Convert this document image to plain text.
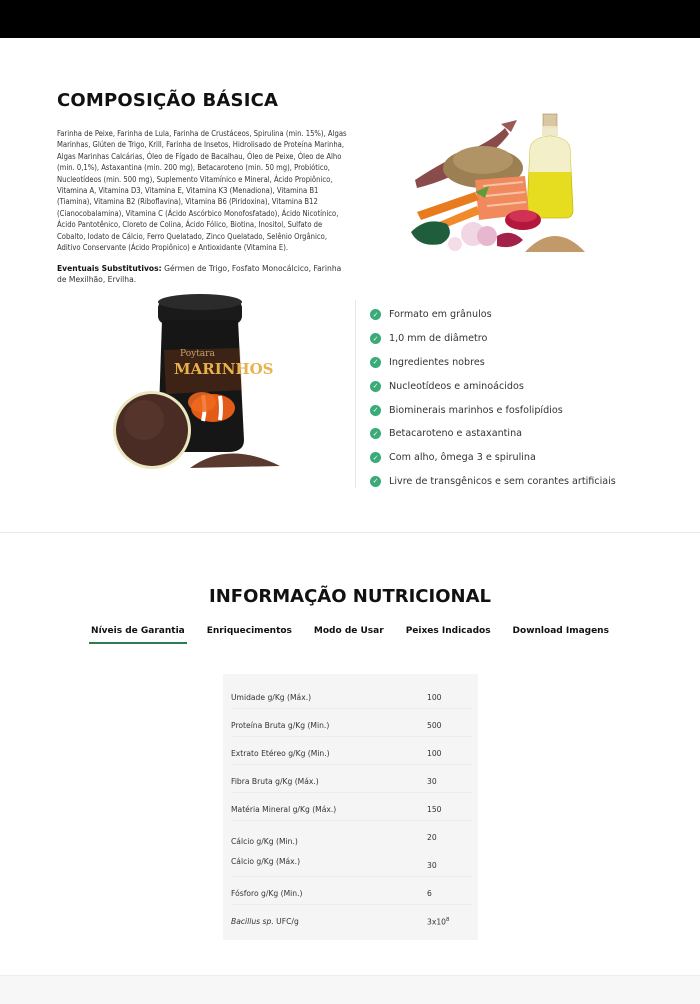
COMPOSIÇÃO BÁSICA

Farinha de Peixe, Farinha de Lula, Farinha de Crustáceos, Spirulina (min. 15%), Algas Marinhas, Glúten de Trigo, Krill, Farinha de Insetos, Hidrolisado de Proteína Marinha, Algas Marinhas Calcárias, Óleo de Fígado de Bacalhau, Óleo de Peixe, Óleo de Alho (min. 0,1%), Astaxantina (min. 200 mg), Betacaroteno (min. 50 mg), Probiótico, Nucleotídeos (min. 500 mg), Suplemento Vitamínico e Mineral, Ácido Propiônico, Vitamina A, Vitamina D3, Vitamina E, Vitamina K3 (Menadiona), Vitamina B1 (Tiamina), Vitamina B2 (Riboflavina), Vitamina B6 (Piridoxina), Vitamina B12 (Cianocobalamina), Vitamina C (Ácido Ascórbico Monofosfatado), Ácido Nicotínico, Ácido Pantotênico, Cloreto de Colina, Ácido Fólico, Biotina, Inositol, Sulfato de Cobalto, Iodato de Cálcio, Ferro Quelatado, Zinco Quelatado, Selênio Orgânico, Aditivo Conservante (Ácido Propiônico) e Antioxidante (Vitamina E).

Eventuais Substitutivos: Gérmen de Trigo, Fosfato Monocálcico, Farinha de Mexilhão, Ervilha.

Poytara
MARINHOS
✓ Formato em grânulos
✓ 1,0 mm de diâmetro
✓ Ingredientes nobres
✓ Nucleotídeos e aminoácidos
✓ Biominerais marinhos e fosfolipídios
✓ Betacaroteno e astaxantina
✓ Com alho, ômega 3 e spirulina
✓ Livre de transgênicos e sem corantes artificiais
INFORMAÇÃO NUTRICIONAL
Níveis de Garantia Enriquecimentos Modo de Usar Peixes Indicados Download Imagens
Umidade g/Kg (Máx.)	100
Proteína Bruta g/Kg (Min.)	500
Extrato Etéreo g/Kg (Min.)	100
Fibra Bruta g/Kg (Máx.)	30
Matéria Mineral g/Kg (Máx.)	150
Cálcio g/Kg (Min.)	20
Cálcio g/Kg (Máx.)	30
Fósforo g/Kg (Min.)	6
Bacillus sp. UFC/g	$3x10^8$
